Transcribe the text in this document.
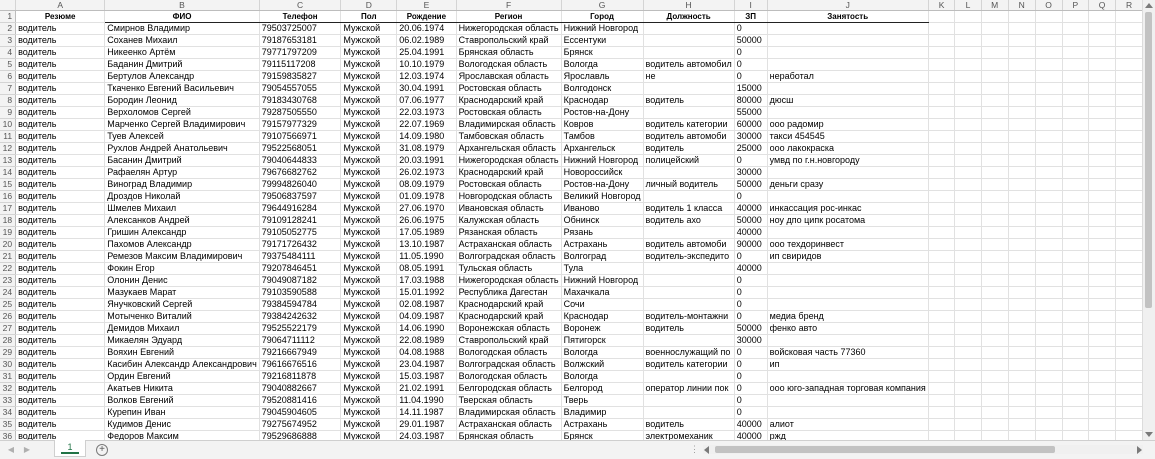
	A	B	C	D	E	F	G	H	I	J	K	L	M	N	O	P	Q	R
1	Резюме	ФИО	Телефон	Пол	Рождение	Регион	Город	Должность	ЗП	Занятость								
2	водитель	Смирнов Владимир	79503725007	Мужской	20.06.1974	Нижегородская область	Нижний Новгород		0									
3	водитель	Соханев Михаил	79187653181	Мужской	06.02.1989	Ставропольский край	Ессентуки		50000									
4	водитель	Никеенко Артём	79771797209	Мужской	25.04.1991	Брянская область	Брянск		0									
5	водитель	Баданин Дмитрий	79115117208	Мужской	10.10.1979	Вологодская область	Вологда	водитель автомобил	0									
6	водитель	Бертулов Александр	79159835827	Мужской	12.03.1974	Ярославская область	Ярославль	не	0	неработал								
7	водитель	Ткаченко Евгений Васильевич	79054557055	Мужской	30.04.1991	Ростовская область	Волгодонск		15000									
8	водитель	Бородин Леонид	79183430768	Мужской	07.06.1977	Краснодарский край	Краснодар	водитель	80000	дюсш								
9	водитель	Верхоломов Сергей	79287505550	Мужской	22.03.1973	Ростовская область	Ростов-на-Дону		55000									
10	водитель	Марченко Сергей Владимирович	79157977329	Мужской	22.07.1969	Владимирская область	Ковров	водитель категории	60000	ооо радомир								
11	водитель	Туев Алексей	79107566971	Мужской	14.09.1980	Тамбовская область	Тамбов	водитель автомоби	30000	такси 454545								
12	водитель	Рухлов Андрей Анатольевич	79522568051	Мужской	31.08.1979	Архангельская область	Архангельск	водитель	25000	ооо лакокраска								
13	водитель	Басанин Дмитрий	79040644833	Мужской	20.03.1991	Нижегородская область	Нижний Новгород	полицейский	0	умвд по г.н.новгороду								
14	водитель	Рафаелян Артур	79676682762	Мужской	26.02.1973	Краснодарский край	Новороссийск		30000									
15	водитель	Виноград Владимир	79994826040	Мужской	08.09.1979	Ростовская область	Ростов-на-Дону	личный водитель	50000	деньги сразу								
16	водитель	Дроздов Николай	79506837597	Мужской	01.09.1978	Новгородская область	Великий Новгород		0									
17	водитель	Шмелев Михаил	79644916284	Мужской	27.06.1970	Ивановская область	Иваново	водитель 1 класса	40000	инкассация рос-инкас								
18	водитель	Алексанков Андрей	79109128241	Мужской	26.06.1975	Калужская область	Обнинск	водитель ахо	50000	ноу дпо ципк росатома								
19	водитель	Гришин Александр	79105052775	Мужской	17.05.1989	Рязанская область	Рязань		40000									
20	водитель	Пахомов Александр	79171726432	Мужской	13.10.1987	Астраханская область	Астрахань	водитель автомоби	90000	ооо техдоринвест								
21	водитель	Ремезов Максим Владимирович	79375484111	Мужской	11.05.1990	Волгоградская область	Волгоград	водитель-экспедито	0	ип свиридов								
22	водитель	Фокин Егор	79207846451	Мужской	08.05.1991	Тульская область	Тула		40000									
23	водитель	Олонин Денис	79049087182	Мужской	17.03.1988	Нижегородская область	Нижний Новгород		0									
24	водитель	Мазукаев Марат	79103590588	Мужской	15.01.1992	Республика Дагестан	Махачкала		0									
25	водитель	Янучковский Сергей	79384594784	Мужской	02.08.1987	Краснодарский край	Сочи		0									
26	водитель	Мотыченко Виталий	79384242632	Мужской	04.09.1987	Краснодарский край	Краснодар	водитель-монтажни	0	медиа бренд								
27	водитель	Демидов Михаил	79525522179	Мужской	14.06.1990	Воронежская область	Воронеж	водитель	50000	фенко авто								
28	водитель	Микаелян Эдуард	79064711112	Мужской	22.08.1989	Ставропольский край	Пятигорск		30000									
29	водитель	Вояхин Евгений	79216667949	Мужской	04.08.1988	Вологодская область	Вологда	военнослужащий по	0	войсковая часть 77360								
30	водитель	Касибин Александр Александрович	79616676516	Мужской	23.04.1987	Волгоградская область	Волжский	водитель категории	0	ип								
31	водитель	Ордин Евгений	79216811878	Мужской	15.03.1987	Вологодская область	Вологда		0									
32	водитель	Акатьев Никита	79040882667	Мужской	21.02.1991	Белгородская область	Белгород	оператор линии пок	0	ооо юго-западная торговая компания								
33	водитель	Волков Евгений	79520881416	Мужской	11.04.1990	Тверская область	Тверь		0									
34	водитель	Курепин Иван	79045904605	Мужской	14.11.1987	Владимирская область	Владимир		0									
35	водитель	Кудимов Денис	79275674952	Мужской	29.01.1987	Астраханская область	Астрахань	водитель	40000	алиот								
36	водитель	Федоров Максим	79529686888	Мужской	24.03.1987	Брянская область	Брянск	электромеханик	40000	ржд								
◀ ▶	1	+	⋮
